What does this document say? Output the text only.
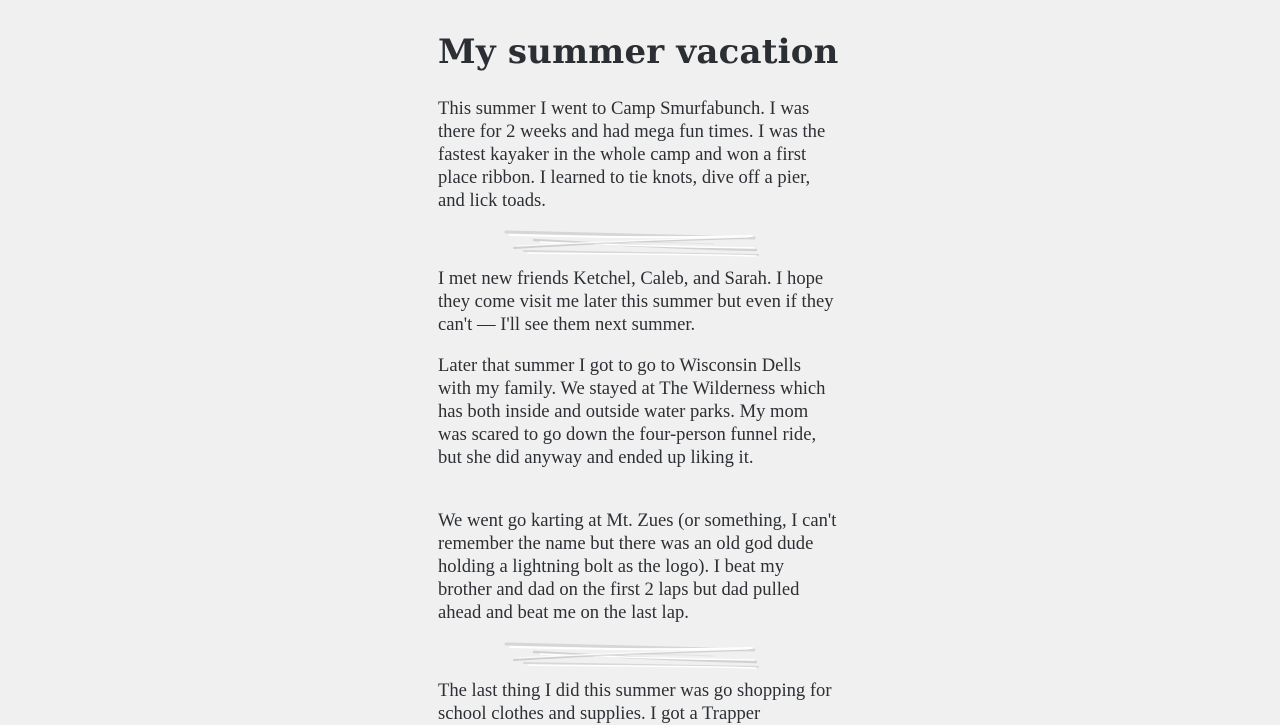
My summer vacation

This summer I went to Camp Smurfabunch. I was there for 2 weeks and had mega fun times. I was the fastest kayaker in the whole camp and won a first place ribbon. I learned to tie knots, dive off a pier, and lick toads.

I met new friends Ketchel, Caleb, and Sarah. I hope they come visit me later this summer but even if they can't — I'll see them next summer.

Later that summer I got to go to Wisconsin Dells with my family. We stayed at The Wilderness which has both inside and outside water parks. My mom was scared to go down the four-person funnel ride, but she did anyway and ended up liking it.

We went go karting at Mt. Zues (or something, I can't remember the name but there was an old god dude holding a lightning bolt as the logo). I beat my brother and dad on the first 2 laps but dad pulled ahead and beat me on the last lap.

The last thing I did this summer was go shopping for school clothes and supplies. I got a Trapper
